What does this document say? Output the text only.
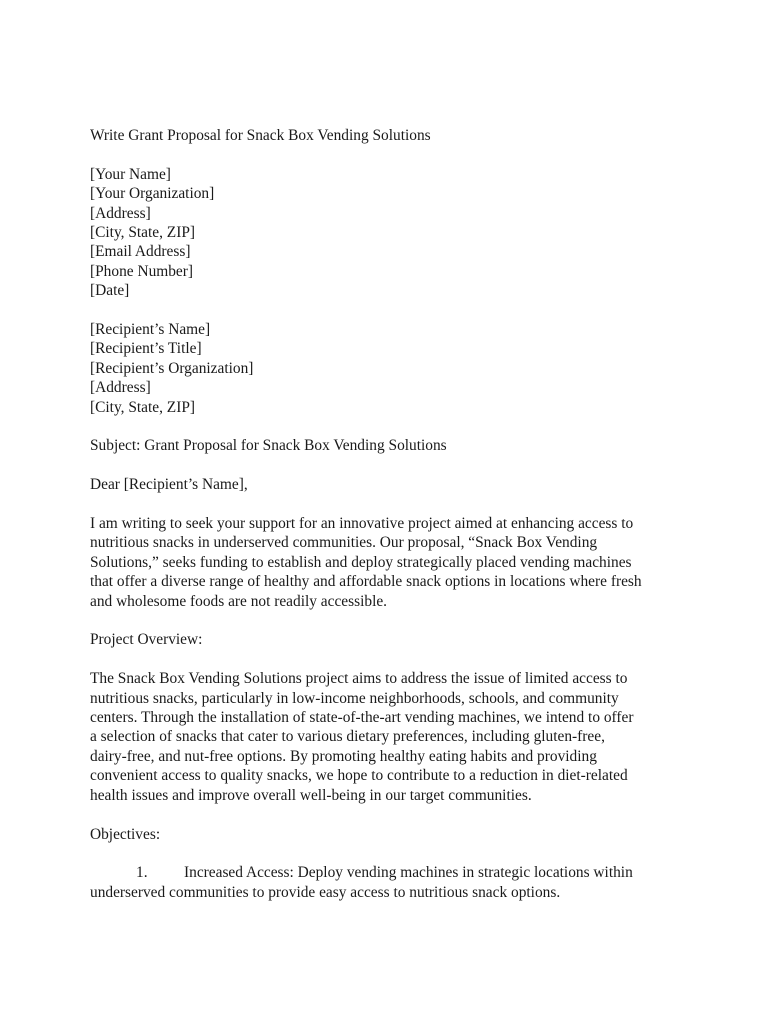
Write Grant Proposal for Snack Box Vending Solutions
[Your Name]
[Your Organization]
[Address]
[City, State, ZIP]
[Email Address]
[Phone Number]
[Date]
[Recipient’s Name]
[Recipient’s Title]
[Recipient’s Organization]
[Address]
[City, State, ZIP]
Subject: Grant Proposal for Snack Box Vending Solutions
Dear [Recipient’s Name],
I am writing to seek your support for an innovative project aimed at enhancing access to
nutritious snacks in underserved communities. Our proposal, “Snack Box Vending
Solutions,” seeks funding to establish and deploy strategically placed vending machines
that offer a diverse range of healthy and affordable snack options in locations where fresh
and wholesome foods are not readily accessible.
Project Overview:
The Snack Box Vending Solutions project aims to address the issue of limited access to
nutritious snacks, particularly in low-income neighborhoods, schools, and community
centers. Through the installation of state-of-the-art vending machines, we intend to offer
a selection of snacks that cater to various dietary preferences, including gluten-free,
dairy-free, and nut-free options. By promoting healthy eating habits and providing
convenient access to quality snacks, we hope to contribute to a reduction in diet-related
health issues and improve overall well-being in our target communities.
Objectives:
1. Increased Access: Deploy vending machines in strategic locations within
underserved communities to provide easy access to nutritious snack options.
